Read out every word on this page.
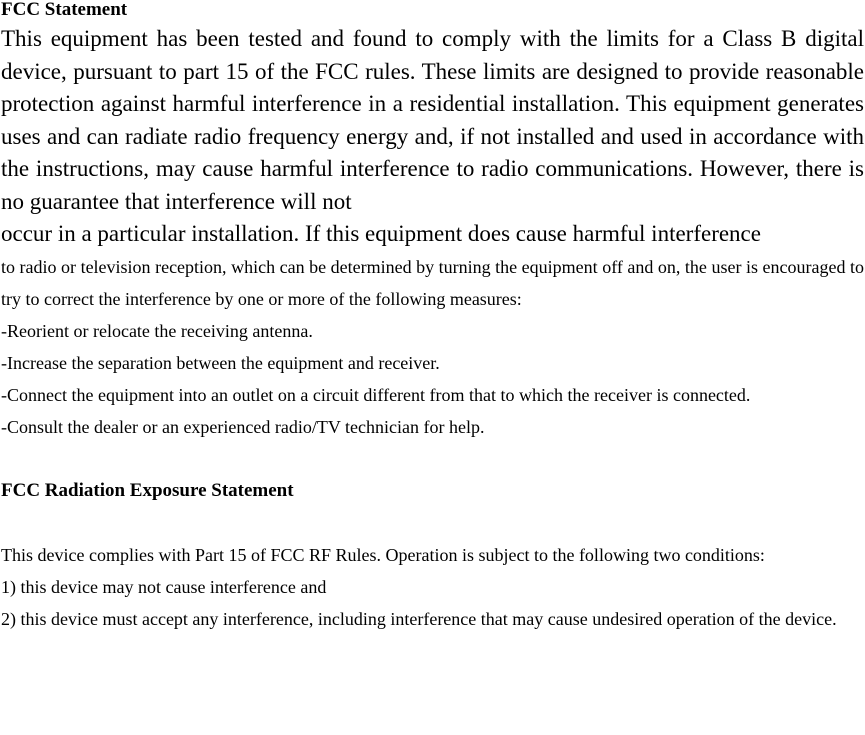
FCC Statement
This equipment has been tested and found to comply with the limits for a Class B digital device, pursuant to part 15 of the FCC rules. These limits are designed to provide reasonable protection against harmful interference in a residential installation. This equipment generates uses and can radiate radio frequency energy and, if not installed and used in accordance with the instructions, may cause harmful interference to radio communications. However, there is no guarantee that interference will not
occur in a particular installation. If this equipment does cause harmful interference

to radio or television reception, which can be determined by turning the equipment off and on, the user is encouraged to try to correct the interference by one or more of the following measures:

-Reorient or relocate the receiving antenna.

-Increase the separation between the equipment and receiver.

-Connect the equipment into an outlet on a circuit different from that to which the receiver is connected.

-Consult the dealer or an experienced radio/TV technician for help.

FCC Radiation Exposure Statement

This device complies with Part 15 of FCC RF Rules. Operation is subject to the following two conditions:

1) this device may not cause interference and

2) this device must accept any interference, including interference that may cause undesired operation of the device.
